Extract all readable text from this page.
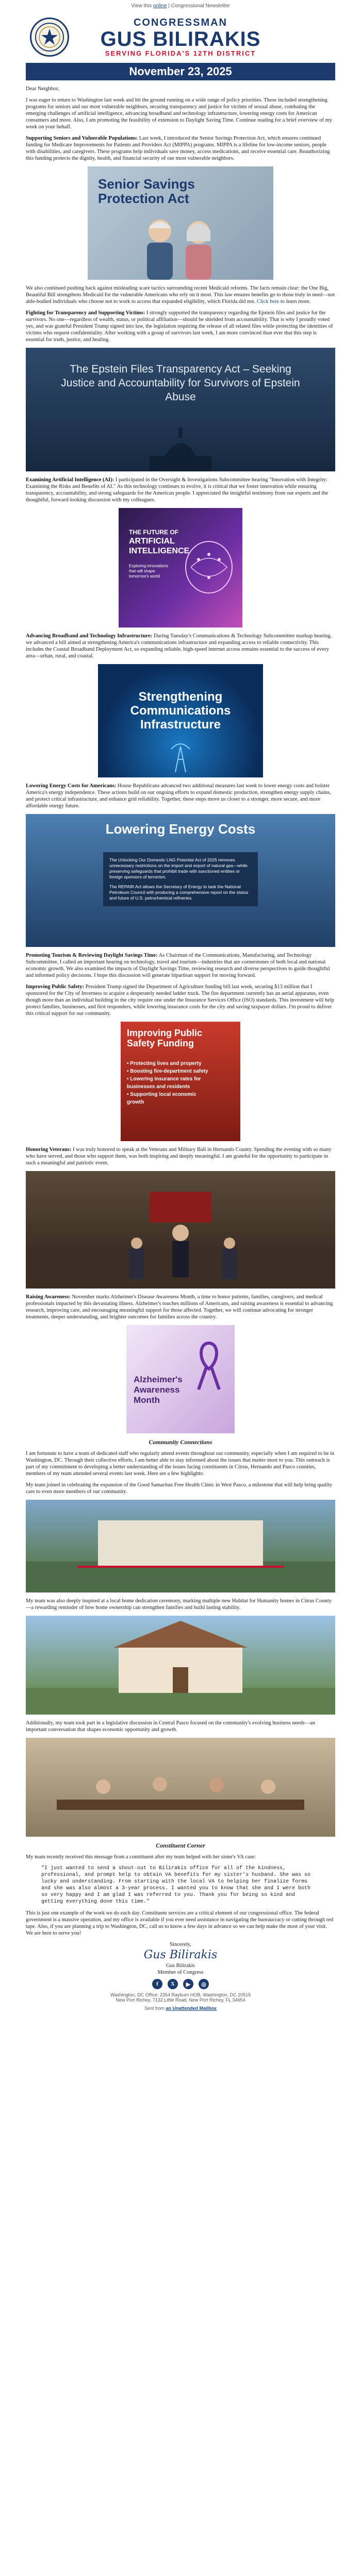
View this
online
| Congressional Newsletter
CONGRESSMAN
GUS BILIRAKIS
SERVING FLORIDA'S 12TH DISTRICT
November 23, 2025

Dear Neighbor,

I was eager to return to Washington last week and hit the ground running on a wide range of policy priorities. These included strengthening programs for seniors and our most vulnerable neighbors, securing transparency and justice for victims of sexual abuse, combating the emerging challenges of artificial intelligence, advancing broadband and technology infrastructure, lowering energy costs for American consumers and more. Also, I am promoting the feasibility of extension to Daylight Saving Time. Continue reading for a brief overview of my week on your behalf.

Supporting Seniors and Vulnerable Populations: Last week, I introduced the Senior Savings Protection Act, which ensures continued funding for Medicare Improvements for Patients and Providers Act (MIPPA) programs. MIPPA is a lifeline for low-income seniors, people with disabilities, and caregivers. These programs help individuals save money, access medications, and receive essential care. Reauthorizing this funding protects the dignity, health, and financial security of our most vulnerable neighbors.

Senior Savings
Protection Act

We also continued pushing back against misleading scare tactics surrounding recent Medicaid reforms. The facts remain clear: the One Big, Beautiful Bill strengthens Medicaid for the vulnerable Americans who rely on it most. This law ensures benefits go to those truly in need—not able-bodied individuals who choose not to work to access that expanded eligibility, which Florida did not. Click here to learn more.

Fighting for Transparency and Supporting Victims: I strongly supported the transparency regarding the Epstein files and justice for the survivors. No one—regardless of wealth, status, or political affiliation—should be shielded from accountability. That is why I proudly voted yes, and was grateful President Trump signed into law, the legislation requiring the release of all related files while protecting the identities of victims who request confidentiality. After working with a group of survivors last week, I am more convinced than ever that this step is essential for truth, justice, and healing.

The Epstein Files Transparency Act – Seeking Justice and Accountability for Survivors of Epstein Abuse

Examining Artificial Intelligence (AI): I participated in the Oversight & Investigations Subcommittee hearing "Innovation with Integrity: Examining the Risks and Benefits of AI." As this technology continues to evolve, it is critical that we foster innovation while ensuring transparency, accountability, and strong safeguards for the American people. I appreciated the insightful testimony from our experts and the thoughtful, forward-looking discussion with my colleagues.

THE FUTURE OF
ARTIFICIAL
INTELLIGENCE
Exploring innovations that will shape tomorrow's world

Advancing Broadband and Technology Infrastructure: During Tuesday's Communications & Technology Subcommittee markup hearing, we advanced a bill aimed at strengthening America's communications infrastructure and expanding access to reliable connectivity. This includes the Coastal Broadband Deployment Act, so expanding reliable, high-speed internet access remains essential to the success of every area—urban, rural, and coastal.

Strengthening
Communications
Infrastructure

Lowering Energy Costs for Americans: House Republicans advanced two additional measures last week to lower energy costs and bolster America's energy independence. These actions build on our ongoing efforts to expand domestic production, strengthen energy supply chains, and protect critical infrastructure, and enhance grid reliability. Together, these steps move us closer to a stronger, more secure, and more affordable energy future.

Lowering Energy Costs

The Unlocking Our Domestic LNG Potential Act of 2025 removes unnecessary restrictions on the import and export of natural gas—while preserving safeguards that prohibit trade with sanctioned entities or foreign sponsors of terrorism.

The REPAIR Act allows the Secretary of Energy to task the National Petroleum Council with producing a comprehensive report on the status and future of U.S. petrochemical refineries.

Promoting Tourism & Reviewing Daylight Savings Time: As Chairman of the Communications, Manufacturing, and Technology Subcommittee, I called an important hearing on technology, travel and tourism—industries that are cornerstones of both local and national economic growth. We also examined the impacts of Daylight Savings Time, reviewing research and diverse perspectives to guide thoughtful and informed policy decisions. I hope this discussion will generate bipartisan support for moving forward.

Improving Public Safety: President Trump signed the Department of Agriculture funding bill last week, securing $13 million that I sponsored for the City of Inverness to acquire a desperately needed ladder truck. The fire department currently has an aerial apparatus, even though more than an individual building in the city require one under the Insurance Services Office (ISO) standards. This investment will help protect families, businesses, and first responders, while lowering insurance costs for the city and saving taxpayer dollars. I'm proud to deliver this critical support for our community.

Improving Public
Safety Funding
• Protecting lives and property
• Boosting fire-department safety
• Lowering insurance rates for businesses and residents
• Supporting local economic growth

Honoring Veterans: I was truly honored to speak at the Veterans and Military Ball in Hernando County. Spending the evening with so many who have served, and those who support them, was both inspiring and deeply meaningful. I am grateful for the opportunity to participate in such a meaningful and patriotic event.

Raising Awareness: November marks Alzheimer's Disease Awareness Month, a time to honor patients, families, caregivers, and medical professionals impacted by this devastating illness. Alzheimer's touches millions of Americans, and raising awareness is essential to advancing research, improving care, and encouraging meaningful support for those affected. Together, we will continue advocating for stronger treatments, deeper understanding, and brighter outcomes for families across the country.

Alzheimer's
Awareness
Month
Community Connections

I am fortunate to have a team of dedicated staff who regularly attend events throughout our community, especially when I am required to be in Washington, DC. Through their collective efforts, I am better able to stay informed about the issues that matter most to you. This outreach is part of my commitment to developing a better understanding of the issues facing constituents in Citrus, Hernando and Pasco counties, members of my team attended several events last week. Here are a few highlights:

My team joined in celebrating the expansion of the Good Samaritan Free Health Clinic in West Pasco, a milestone that will help bring quality care to even more members of our community.

My team was also deeply inspired at a local home dedication ceremony, marking multiple new Habitat for Humanity homes in Citrus County—a rewarding reminder of how home ownership can strengthen families and build lasting stability.

Additionally, my team took part in a legislative discussion in Central Pasco focused on the community's evolving business needs—an important conversation that shapes economic opportunity and growth.

Constituent Corner

My team recently received this message from a constituent after my team helped with her sister's VA case:

"I just wanted to send a shout-out to Bilirakis office for all of the kindness, professional, and prompt help to obtain VA benefits for my sister's husband. She was so lucky and understanding. From starting with the local VA to helping her finalize forms and she was also almost a 3-year process. I wanted you to know that she and I were both so very happy and I am glad I was referred to you. Thank you for being so kind and getting everything done this time."

This is just one example of the work we do each day. Constituent services are a critical element of our congressional office. The federal government is a massive operation, and my office is available if you ever need assistance in navigating the bureaucracy or cutting through red tape. Also, if you are planning a trip to Washington, DC, call us to know a few days in advance so we can help make the most of your visit. We are here to serve you!

Sincerely,
Gus Bilirakis
Gus Bilirakis
Member of Congress
f	X	▶	◎
Washington, DC Office: 2354 Rayburn HOB, Washington, DC 20515
New Port Richey, 7132 Little Road, New Port Richey, FL 34654
Sent from an Unattended Mailbox
